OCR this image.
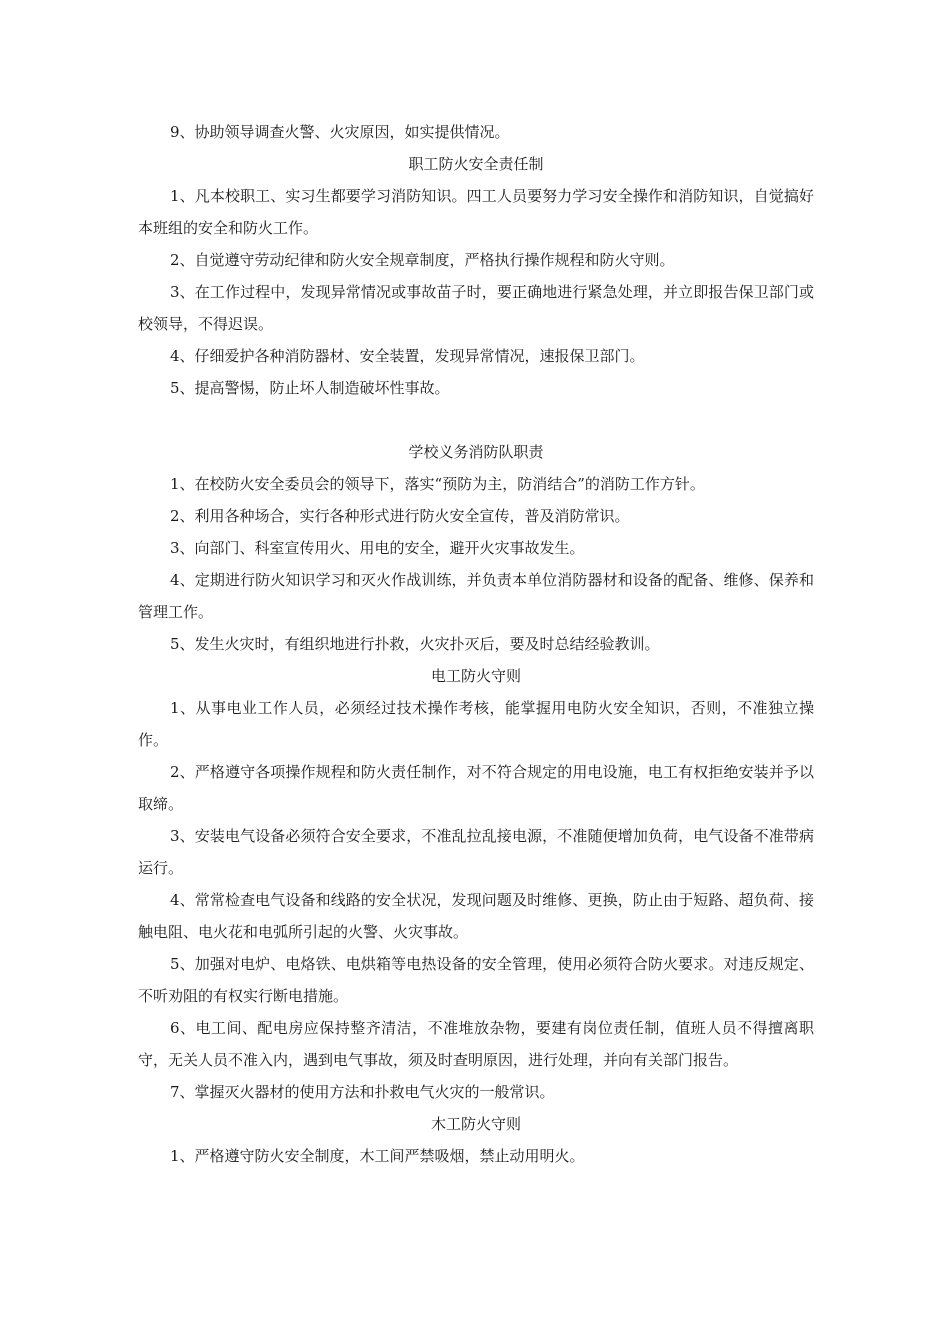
9、协助领导调查火警、火灾原因，如实提供情况。

职工防火安全责任制

1、凡本校职工、实习生都要学习消防知识。四工人员要努力学习安全操作和消防知识，自觉搞好本班组的安全和防火工作。

2、自觉遵守劳动纪律和防火安全规章制度，严格执行操作规程和防火守则。

3、在工作过程中，发现异常情况或事故苗子时，要正确地进行紧急处理，并立即报告保卫部门或校领导，不得迟误。

4、仔细爱护各种消防器材、安全装置，发现异常情况，速报保卫部门。

5、提高警惕，防止坏人制造破坏性事故。

学校义务消防队职责

1、在校防火安全委员会的领导下，落实“预防为主，防消结合”的消防工作方针。

2、利用各种场合，实行各种形式进行防火安全宣传，普及消防常识。

3、向部门、科室宣传用火、用电的安全，避开火灾事故发生。

4、定期进行防火知识学习和灭火作战训练，并负责本单位消防器材和设备的配备、维修、保养和管理工作。

5、发生火灾时，有组织地进行扑救，火灾扑灭后，要及时总结经验教训。

电工防火守则

1、从事电业工作人员，必须经过技术操作考核，能掌握用电防火安全知识，否则，不准独立操作。

2、严格遵守各项操作规程和防火责任制作，对不符合规定的用电设施，电工有权拒绝安装并予以取缔。

3、安装电气设备必须符合安全要求，不准乱拉乱接电源，不准随便增加负荷，电气设备不准带病运行。

4、常常检查电气设备和线路的安全状况，发现问题及时维修、更换，防止由于短路、超负荷、接触电阻、电火花和电弧所引起的火警、火灾事故。

5、加强对电炉、电烙铁、电烘箱等电热设备的安全管理，使用必须符合防火要求。对违反规定、不听劝阻的有权实行断电措施。

6、电工间、配电房应保持整齐清洁，不准堆放杂物，要建有岗位责任制，值班人员不得擅离职守，无关人员不准入内，遇到电气事故，须及时查明原因，进行处理，并向有关部门报告。

7、掌握灭火器材的使用方法和扑救电气火灾的一般常识。

木工防火守则

1、严格遵守防火安全制度，木工间严禁吸烟，禁止动用明火。
